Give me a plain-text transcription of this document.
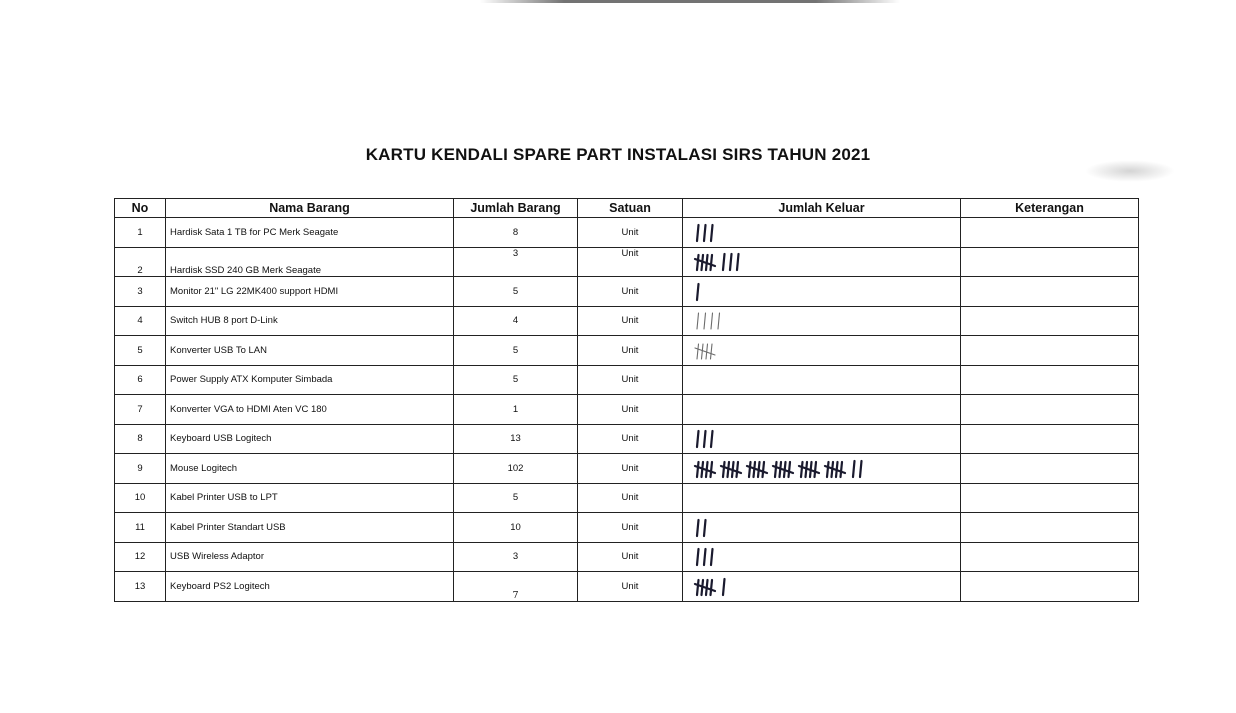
KARTU KENDALI SPARE PART INSTALASI SIRS TAHUN 2021
No	Nama Barang	Jumlah Barang	Satuan	Jumlah Keluar	Keterangan
1	Hardisk Sata 1 TB for PC Merk Seagate	8	Unit	

2	Hardisk SSD 240 GB Merk Seagate	3	Unit	

3	Monitor 21" LG 22MK400 support HDMI	5	Unit	

4	Switch HUB 8 port D-Link	4	Unit	

5	Konverter USB To LAN	5	Unit	

6	Power Supply ATX Komputer Simbada	5	Unit		
7	Konverter VGA to HDMI Aten VC 180	1	Unit		
8	Keyboard USB Logitech	13	Unit	

9	Mouse Logitech	102	Unit	

10	Kabel Printer USB to LPT	5	Unit		
11	Kabel Printer Standart USB	10	Unit	

12	USB Wireless Adaptor	3	Unit	

13	Keyboard PS2 Logitech	7	Unit	
